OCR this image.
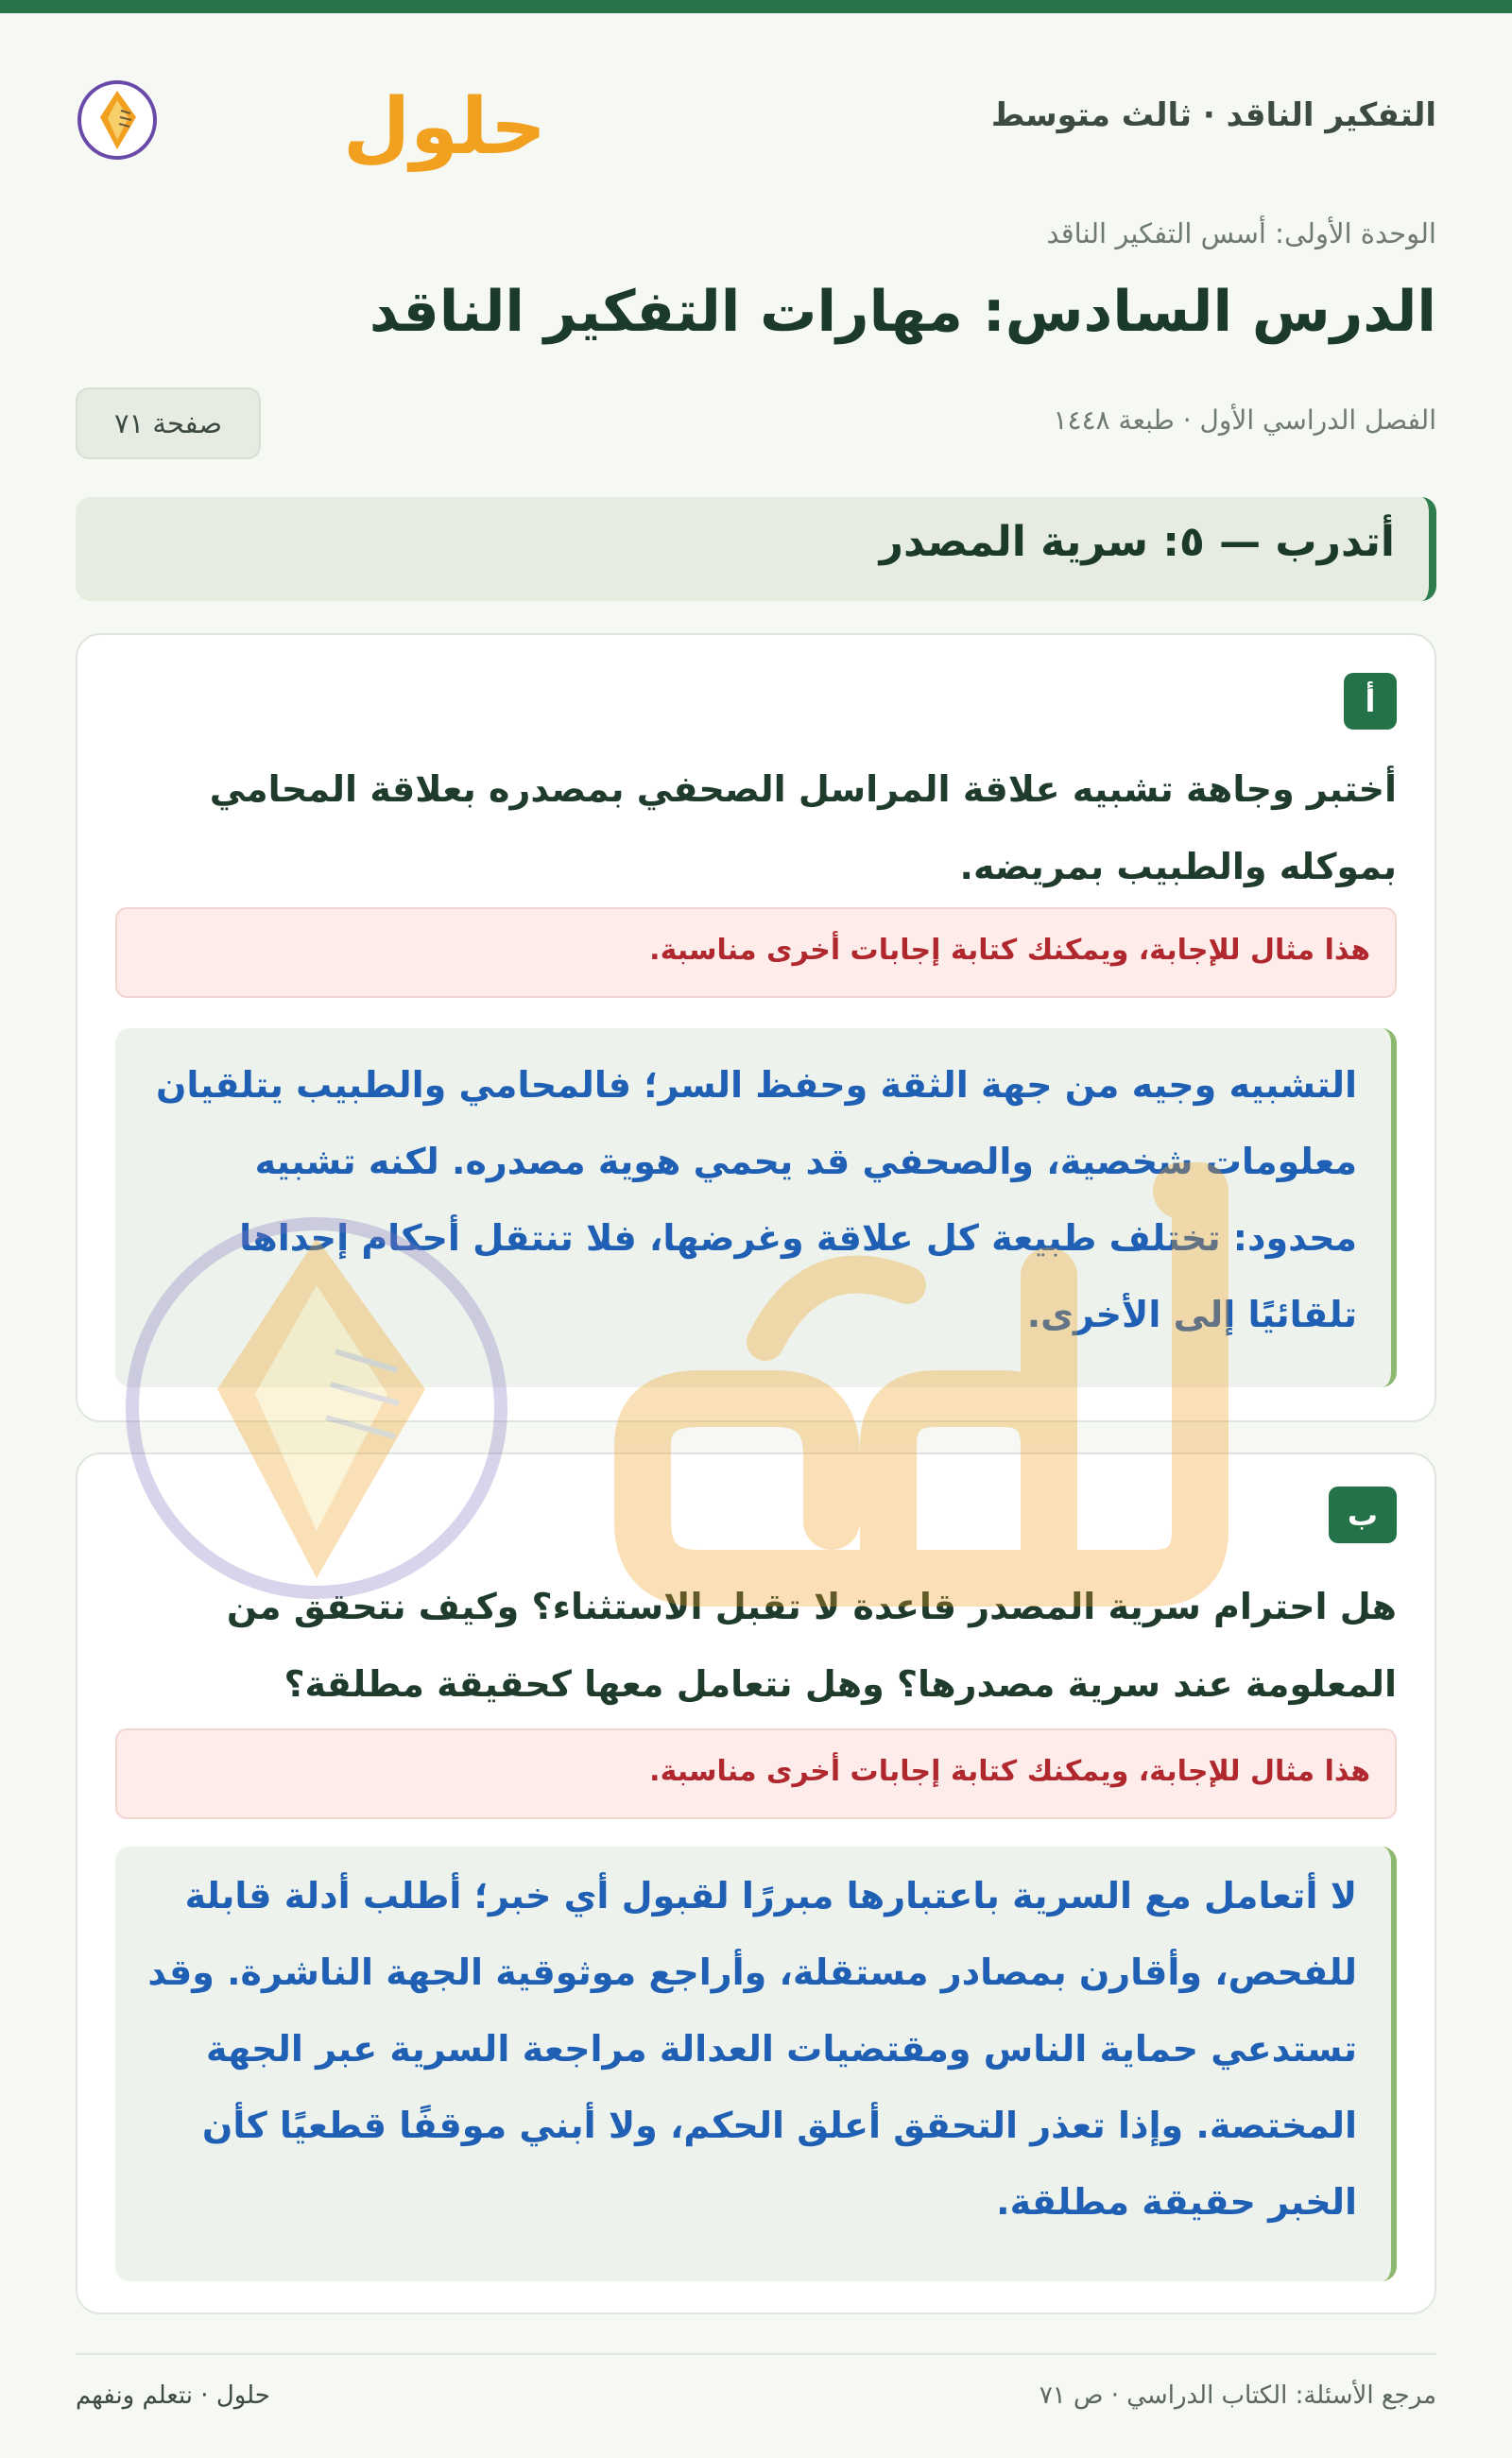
التفكير الناقد · ثالث متوسط
حلول
الوحدة الأولى: أسس التفكير الناقد
الدرس السادس: مهارات التفكير الناقد
الفصل الدراسي الأول · طبعة ١٤٤٨
صفحة ٧١
أتدرب — ٥: سرية المصدر
أ

أختبر وجاهة تشبيه علاقة المراسل الصحفي بمصدره بعلاقة المحامي بموكله والطبيب بمريضه.

هذا مثال للإجابة، ويمكنك كتابة إجابات أخرى مناسبة.

التشبيه وجيه من جهة الثقة وحفظ السر؛ فالمحامي والطبيب يتلقيان معلومات شخصية، والصحفي قد يحمي هوية مصدره. لكنه تشبيه محدود: تختلف طبيعة كل علاقة وغرضها، فلا تنتقل أحكام إحداها تلقائيًا إلى الأخرى.

ب

هل احترام سرية المصدر قاعدة لا تقبل الاستثناء؟ وكيف نتحقق من المعلومة عند سرية مصدرها؟ وهل نتعامل معها كحقيقة مطلقة؟

هذا مثال للإجابة، ويمكنك كتابة إجابات أخرى مناسبة.

لا أتعامل مع السرية باعتبارها مبررًا لقبول أي خبر؛ أطلب أدلة قابلة للفحص، وأقارن بمصادر مستقلة، وأراجع موثوقية الجهة الناشرة. وقد تستدعي حماية الناس ومقتضيات العدالة مراجعة السرية عبر الجهة المختصة. وإذا تعذر التحقق أعلق الحكم، ولا أبني موقفًا قطعيًا كأن الخبر حقيقة مطلقة.

مرجع الأسئلة: الكتاب الدراسي · ص ٧١
حلول · نتعلم ونفهم
